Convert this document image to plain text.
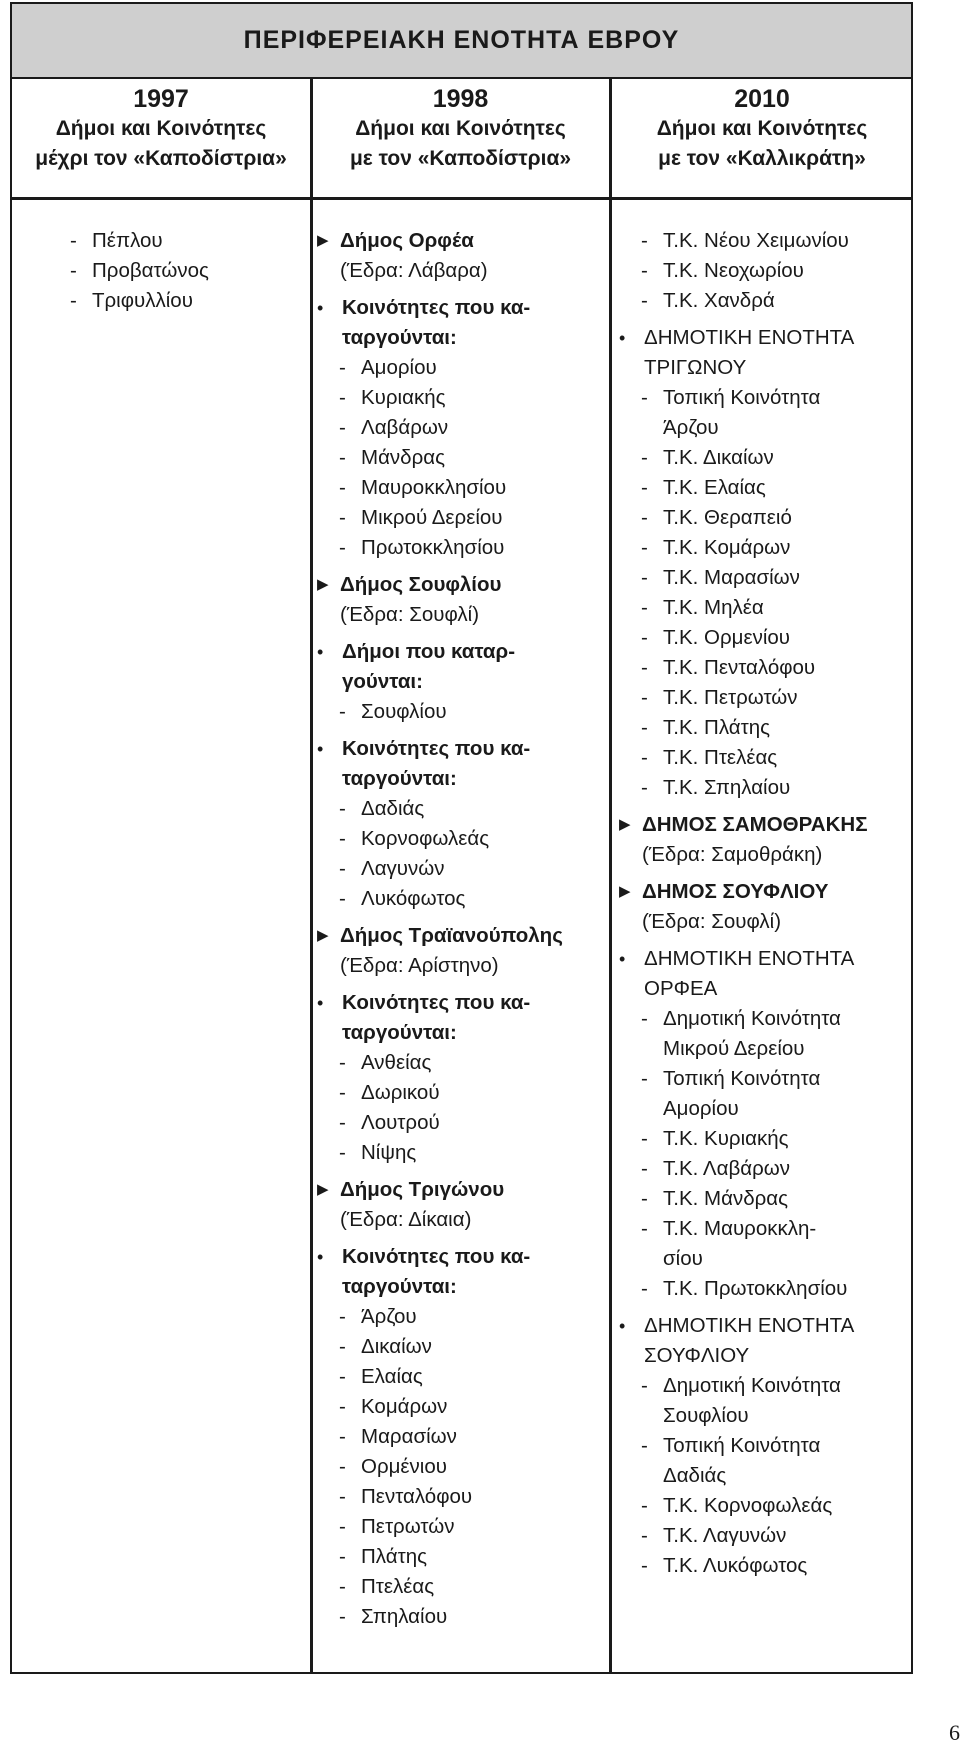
ΠΕΡΙΦΕΡΕΙΑΚΗ ΕΝΟΤΗΤΑ ΕΒΡΟΥ
1997
Δήμοι και Κοινότητες
μέχρι τον «Καποδίστρια»
1998
Δήμοι και Κοινότητες
με τον «Καποδίστρια»
2010
Δήμοι και Κοινότητες
με τον «Καλλικράτη»
- Πέπλου
- Προβατώνος
- Τριφυλλίου
▶ Δήμος Ορφέα
(Έδρα: Λάβαρα)
• Κοινότητες που κα-
ταργούνται:
- Αμορίου
- Κυριακής
- Λαβάρων
- Μάνδρας
- Μαυροκκλησίου
- Μικρού Δερείου
- Πρωτοκκλησίου
▶ Δήμος Σουφλίου
(Έδρα: Σουφλί)
• Δήμοι που καταρ-
γούνται:
- Σουφλίου
• Κοινότητες που κα-
ταργούνται:
- Δαδιάς
- Κορνοφωλεάς
- Λαγυνών
- Λυκόφωτος
▶ Δήμος Τραϊανούπολης
(Έδρα: Αρίστηνο)
• Κοινότητες που κα-
ταργούνται:
- Ανθείας
- Δωρικού
- Λουτρού
- Νίψης
▶ Δήμος Τριγώνου
(Έδρα: Δίκαια)
• Κοινότητες που κα-
ταργούνται:
- Άρζου
- Δικαίων
- Ελαίας
- Κομάρων
- Μαρασίων
- Ορμένιου
- Πενταλόφου
- Πετρωτών
- Πλάτης
- Πτελέας
- Σπηλαίου
- Τ.Κ. Νέου Χειμωνίου
- Τ.Κ. Νεοχωρίου
- Τ.Κ. Χανδρά
• ΔΗΜΟΤΙΚΗ ΕΝΟΤΗΤΑ
ΤΡΙΓΩΝΟΥ
- Τοπική Κοινότητα
Άρζου
- Τ.Κ. Δικαίων
- Τ.Κ. Ελαίας
- Τ.Κ. Θεραπειό
- Τ.Κ. Κομάρων
- Τ.Κ. Μαρασίων
- Τ.Κ. Μηλέα
- Τ.Κ. Ορμενίου
- Τ.Κ. Πενταλόφου
- Τ.Κ. Πετρωτών
- Τ.Κ. Πλάτης
- Τ.Κ. Πτελέας
- Τ.Κ. Σπηλαίου
▶ ΔΗΜΟΣ ΣΑΜΟΘΡΑΚΗΣ
(Έδρα: Σαμοθράκη)
▶ ΔΗΜΟΣ ΣΟΥΦΛΙΟΥ
(Έδρα: Σουφλί)
• ΔΗΜΟΤΙΚΗ ΕΝΟΤΗΤΑ
ΟΡΦΕΑ
- Δημοτική Κοινότητα
Μικρού Δερείου
- Τοπική Κοινότητα
Αμορίου
- Τ.Κ. Κυριακής
- Τ.Κ. Λαβάρων
- Τ.Κ. Μάνδρας
- Τ.Κ. Μαυροκκλη-
σίου
- Τ.Κ. Πρωτοκκλησίου
• ΔΗΜΟΤΙΚΗ ΕΝΟΤΗΤΑ
ΣΟΥΦΛΙΟΥ
- Δημοτική Κοινότητα
Σουφλίου
- Τοπική Κοινότητα
Δαδιάς
- Τ.Κ. Κορνοφωλεάς
- Τ.Κ. Λαγυνών
- Τ.Κ. Λυκόφωτος
6
